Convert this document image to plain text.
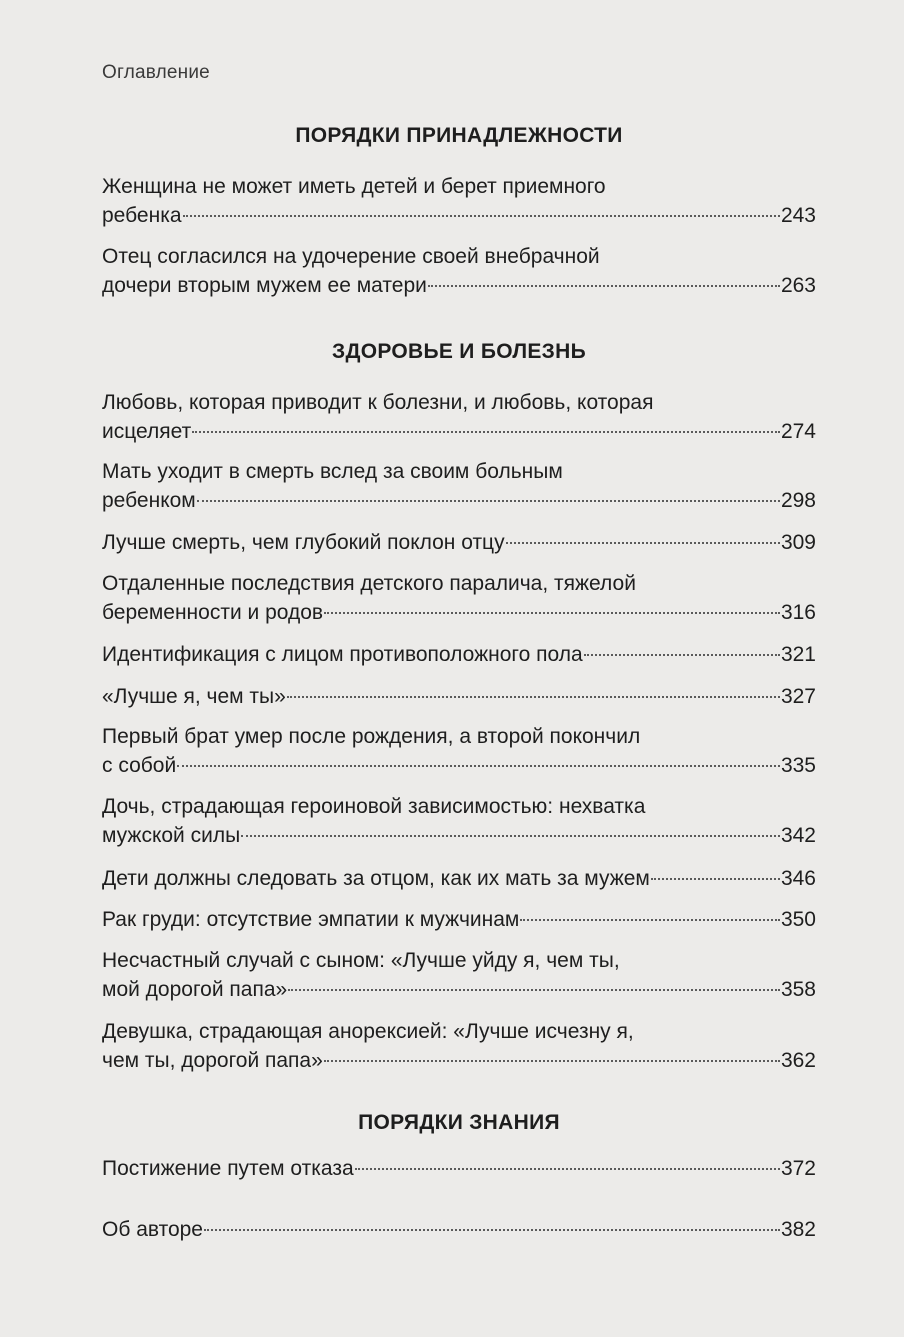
Оглавление
ПОРЯДКИ ПРИНАДЛЕЖНОСТИ
Женщина не может иметь детей и берет приемного
ребенка	243
Отец согласился на удочерение своей внебрачной
дочери вторым мужем ее матери	263
ЗДОРОВЬЕ И БОЛЕЗНЬ
Любовь, которая приводит к болезни, и любовь, которая
исцеляет	274
Мать уходит в смерть вслед за своим больным
ребенком	298
Лучше смерть, чем глубокий поклон отцу	309
Отдаленные последствия детского паралича, тяжелой
беременности и родов	316
Идентификация с лицом противоположного пола	321
«Лучше я, чем ты»	327
Первый брат умер после рождения, а второй покончил
с собой	335
Дочь, страдающая героиновой зависимостью: нехватка
мужской силы	342
Дети должны следовать за отцом, как их мать за мужем	346
Рак груди: отсутствие эмпатии к мужчинам	350
Несчастный случай с сыном: «Лучше уйду я, чем ты,
мой дорогой папа»	358
Девушка, страдающая анорексией: «Лучше исчезну я,
чем ты, дорогой папа»	362
ПОРЯДКИ ЗНАНИЯ
Постижение путем отказа	372
Об авторе	382
